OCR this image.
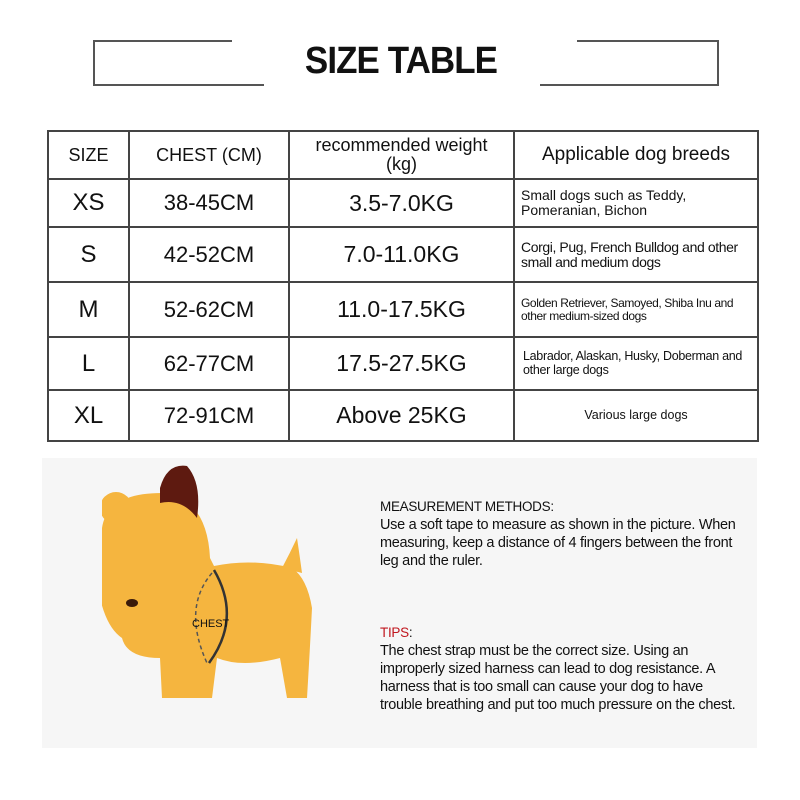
SIZE TABLE
SIZE	CHEST (CM)	recommended weight (kg)	Applicable dog breeds
XS	38-45CM	3.5-7.0KG	Small dogs such as Teddy, Pomeranian, Bichon
S	42-52CM	7.0-11.0KG	Corgi, Pug, French Bulldog and other small and medium dogs
M	52-62CM	11.0-17.5KG	Golden Retriever, Samoyed, Shiba Inu and other medium-sized dogs
L	62-77CM	17.5-27.5KG	Labrador, Alaskan, Husky, Doberman and other large dogs
XL	72-91CM	Above 25KG	Various large dogs
CHEST
MEASUREMENT METHODS:
Use a soft tape to measure as shown in the picture. When measuring, keep a distance of 4 fingers between the front leg and the ruler.
TIPS:
The chest strap must be the correct size. Using an improperly sized harness can lead to dog resistance. A harness that is too small can cause your dog to have trouble breathing and put too much pressure on the chest.
